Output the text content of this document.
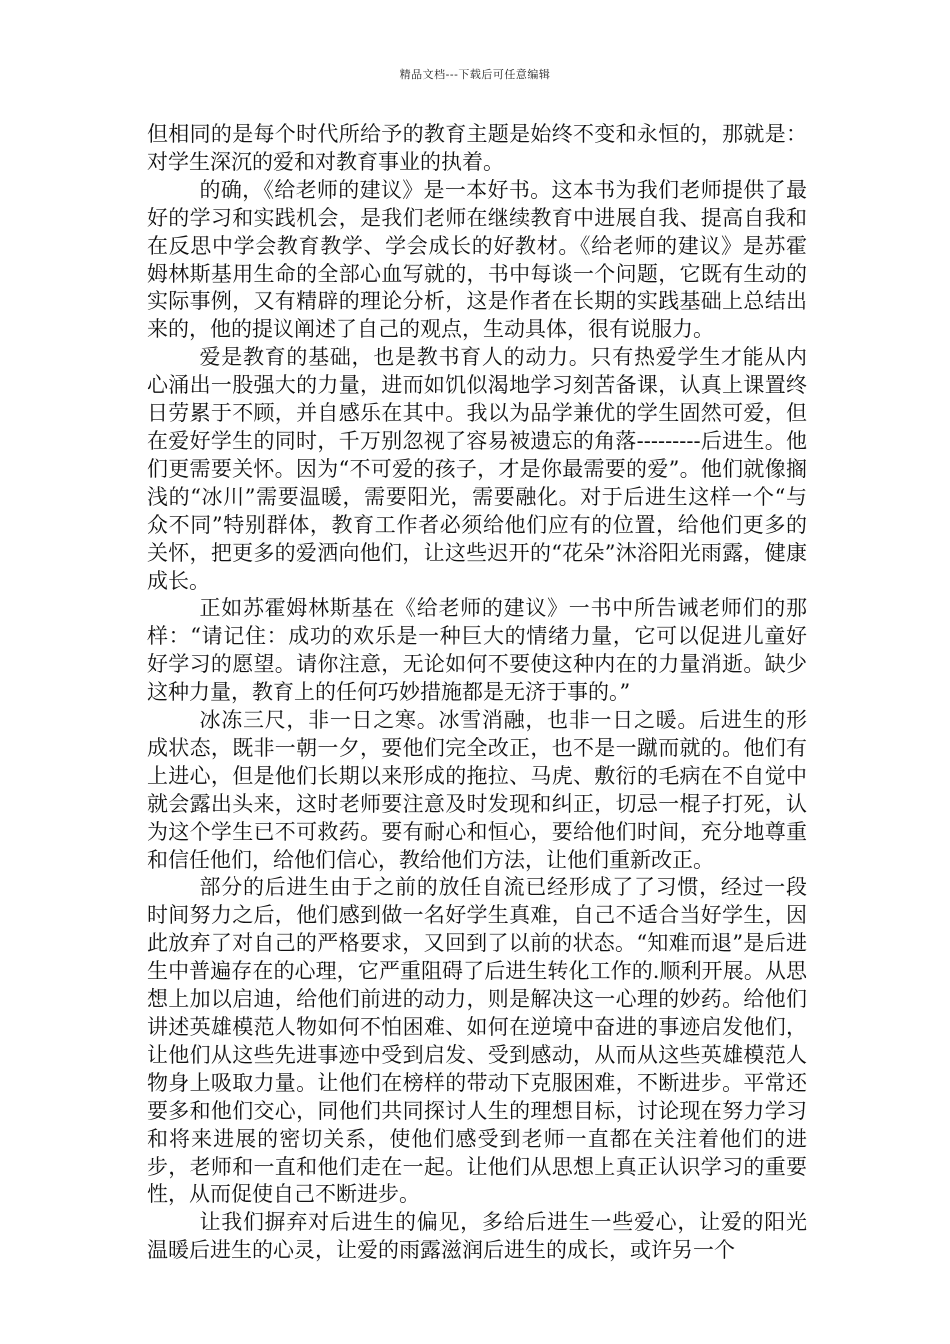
精品文档---下载后可任意编辑

但相同的是每个时代所给予的教育主题是始终不变和永恒的，那就是：对学生深沉的爱和对教育事业的执着。

的确，《给老师的建议》是一本好书。这本书为我们老师提供了最好的学习和实践机会，是我们老师在继续教育中进展自我、提高自我和在反思中学会教育教学、学会成长的好教材。《给老师的建议》是苏霍姆林斯基用生命的全部心血写就的，书中每谈一个问题，它既有生动的实际事例，又有精辟的理论分析，这是作者在长期的实践基础上总结出来的，他的提议阐述了自己的观点，生动具体，很有说服力。

爱是教育的基础，也是教书育人的动力。只有热爱学生才能从内心涌出一股强大的力量，进而如饥似渴地学习刻苦备课，认真上课置终日劳累于不顾，并自感乐在其中。我以为品学兼优的学生固然可爱，但在爱好学生的同时，千万别忽视了容易被遗忘的角落---------后进生。他们更需要关怀。因为“不可爱的孩子，才是你最需要的爱”。他们就像搁浅的“冰川”需要温暖，需要阳光，需要融化。对于后进生这样一个“与众不同”特别群体，教育工作者必须给他们应有的位置，给他们更多的关怀，把更多的爱洒向他们，让这些迟开的“花朵”沐浴阳光雨露，健康成长。

正如苏霍姆林斯基在《给老师的建议》一书中所告诫老师们的那样：“请记住：成功的欢乐是一种巨大的情绪力量，它可以促进儿童好好学习的愿望。请你注意，无论如何不要使这种内在的力量消逝。缺少这种力量，教育上的任何巧妙措施都是无济于事的。”

冰冻三尺，非一日之寒。冰雪消融，也非一日之暖。后进生的形成状态，既非一朝一夕，要他们完全改正，也不是一蹴而就的。他们有上进心，但是他们长期以来形成的拖拉、马虎、敷衍的毛病在不自觉中就会露出头来，这时老师要注意及时发现和纠正，切忌一棍子打死，认为这个学生已不可救药。要有耐心和恒心，要给他们时间，充分地尊重和信任他们，给他们信心，教给他们方法，让他们重新改正。

部分的后进生由于之前的放任自流已经形成了了习惯，经过一段时间努力之后，他们感到做一名好学生真难，自己不适合当好学生，因此放弃了对自己的严格要求，又回到了以前的状态。“知难而退”是后进生中普遍存在的心理，它严重阻碍了后进生转化工作的.顺利开展。从思想上加以启迪，给他们前进的动力，则是解决这一心理的妙药。给他们讲述英雄模范人物如何不怕困难、如何在逆境中奋进的事迹启发他们，让他们从这些先进事迹中受到启发、受到感动，从而从这些英雄模范人物身上吸取力量。让他们在榜样的带动下克服困难，不断进步。平常还要多和他们交心，同他们共同探讨人生的理想目标，讨论现在努力学习和将来进展的密切关系，使他们感受到老师一直都在关注着他们的进步，老师和一直和他们走在一起。让他们从思想上真正认识学习的重要性，从而促使自己不断进步。

让我们摒弃对后进生的偏见，多给后进生一些爱心，让爱的阳光温暖后进生的心灵，让爱的雨露滋润后进生的成长，或许另一个
